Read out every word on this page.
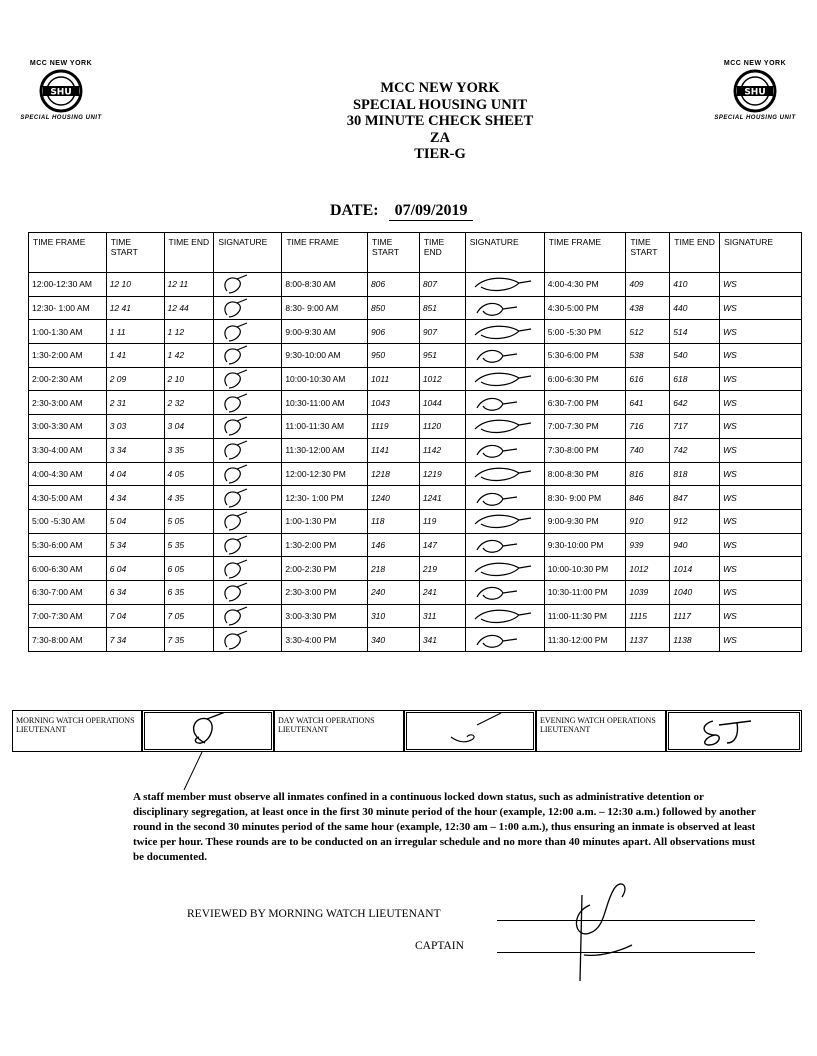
MCC NEW YORK
SHU
SPECIAL HOUSING UNIT
MCC NEW YORK
SHU
SPECIAL HOUSING UNIT
MCC NEW YORK
SPECIAL HOUSING UNIT
30 MINUTE CHECK SHEET
ZA
TIER-G
DATE: 07/09/2019
TIME FRAME	TIME START	TIME END	SIGNATURE	TIME FRAME	TIME START	TIME END	SIGNATURE	TIME FRAME	TIME START	TIME END	SIGNATURE
12:00-12:30 AM	12 10	12 11		8:00-8:30 AM	806	807		4:00-4:30 PM	409	410	WS
12:30- 1:00 AM	12 41	12 44		8:30- 9:00 AM	850	851		4:30-5:00 PM	438	440	WS
1:00-1:30 AM	1 11	1 12		9:00-9:30 AM	906	907		5:00 -5:30 PM	512	514	WS
1:30-2:00 AM	1 41	1 42		9:30-10:00 AM	950	951		5:30-6:00 PM	538	540	WS
2:00-2:30 AM	2 09	2 10		10:00-10:30 AM	1011	1012		6:00-6:30 PM	616	618	WS
2:30-3:00 AM	2 31	2 32		10:30-11:00 AM	1043	1044		6:30-7:00 PM	641	642	WS
3:00-3:30 AM	3 03	3 04		11:00-11:30 AM	1119	1120		7:00-7:30 PM	716	717	WS
3:30-4:00 AM	3 34	3 35		11:30-12:00 AM	1141	1142		7:30-8:00 PM	740	742	WS
4:00-4:30 AM	4 04	4 05		12:00-12:30 PM	1218	1219		8:00-8:30 PM	816	818	WS
4:30-5:00 AM	4 34	4 35		12:30- 1:00 PM	1240	1241		8:30- 9:00 PM	846	847	WS
5:00 -5:30 AM	5 04	5 05		1:00-1:30 PM	118	119		9:00-9:30 PM	910	912	WS
5:30-6:00 AM	5 34	5 35		1:30-2:00 PM	146	147		9:30-10:00 PM	939	940	WS
6:00-6:30 AM	6 04	6 05		2:00-2:30 PM	218	219		10:00-10:30 PM	1012	1014	WS
6:30-7:00 AM	6 34	6 35		2:30-3:00 PM	240	241		10:30-11:00 PM	1039	1040	WS
7:00-7:30 AM	7 04	7 05		3:00-3:30 PM	310	311		11:00-11:30 PM	1115	1117	WS
7:30-8:00 AM	7 34	7 35		3:30-4:00 PM	340	341		11:30-12:00 PM	1137	1138	WS
MORNING WATCH OPERATIONS LIEUTENANT
DAY WATCH OPERATIONS LIEUTENANT
EVENING WATCH OPERATIONS LIEUTENANT
A staff member must observe all inmates confined in a continuous locked down status, such as administrative detention or disciplinary segregation, at least once in the first 30 minute period of the hour (example, 12:00 a.m. – 12:30 a.m.) followed by another round in the second 30 minutes period of the same hour (example, 12:30 am – 1:00 a.m.), thus ensuring an inmate is observed at least twice per hour. These rounds are to be conducted on an irregular schedule and no more than 40 minutes apart. All observations must be documented.
REVIEWED BY MORNING WATCH LIEUTENANT
CAPTAIN
